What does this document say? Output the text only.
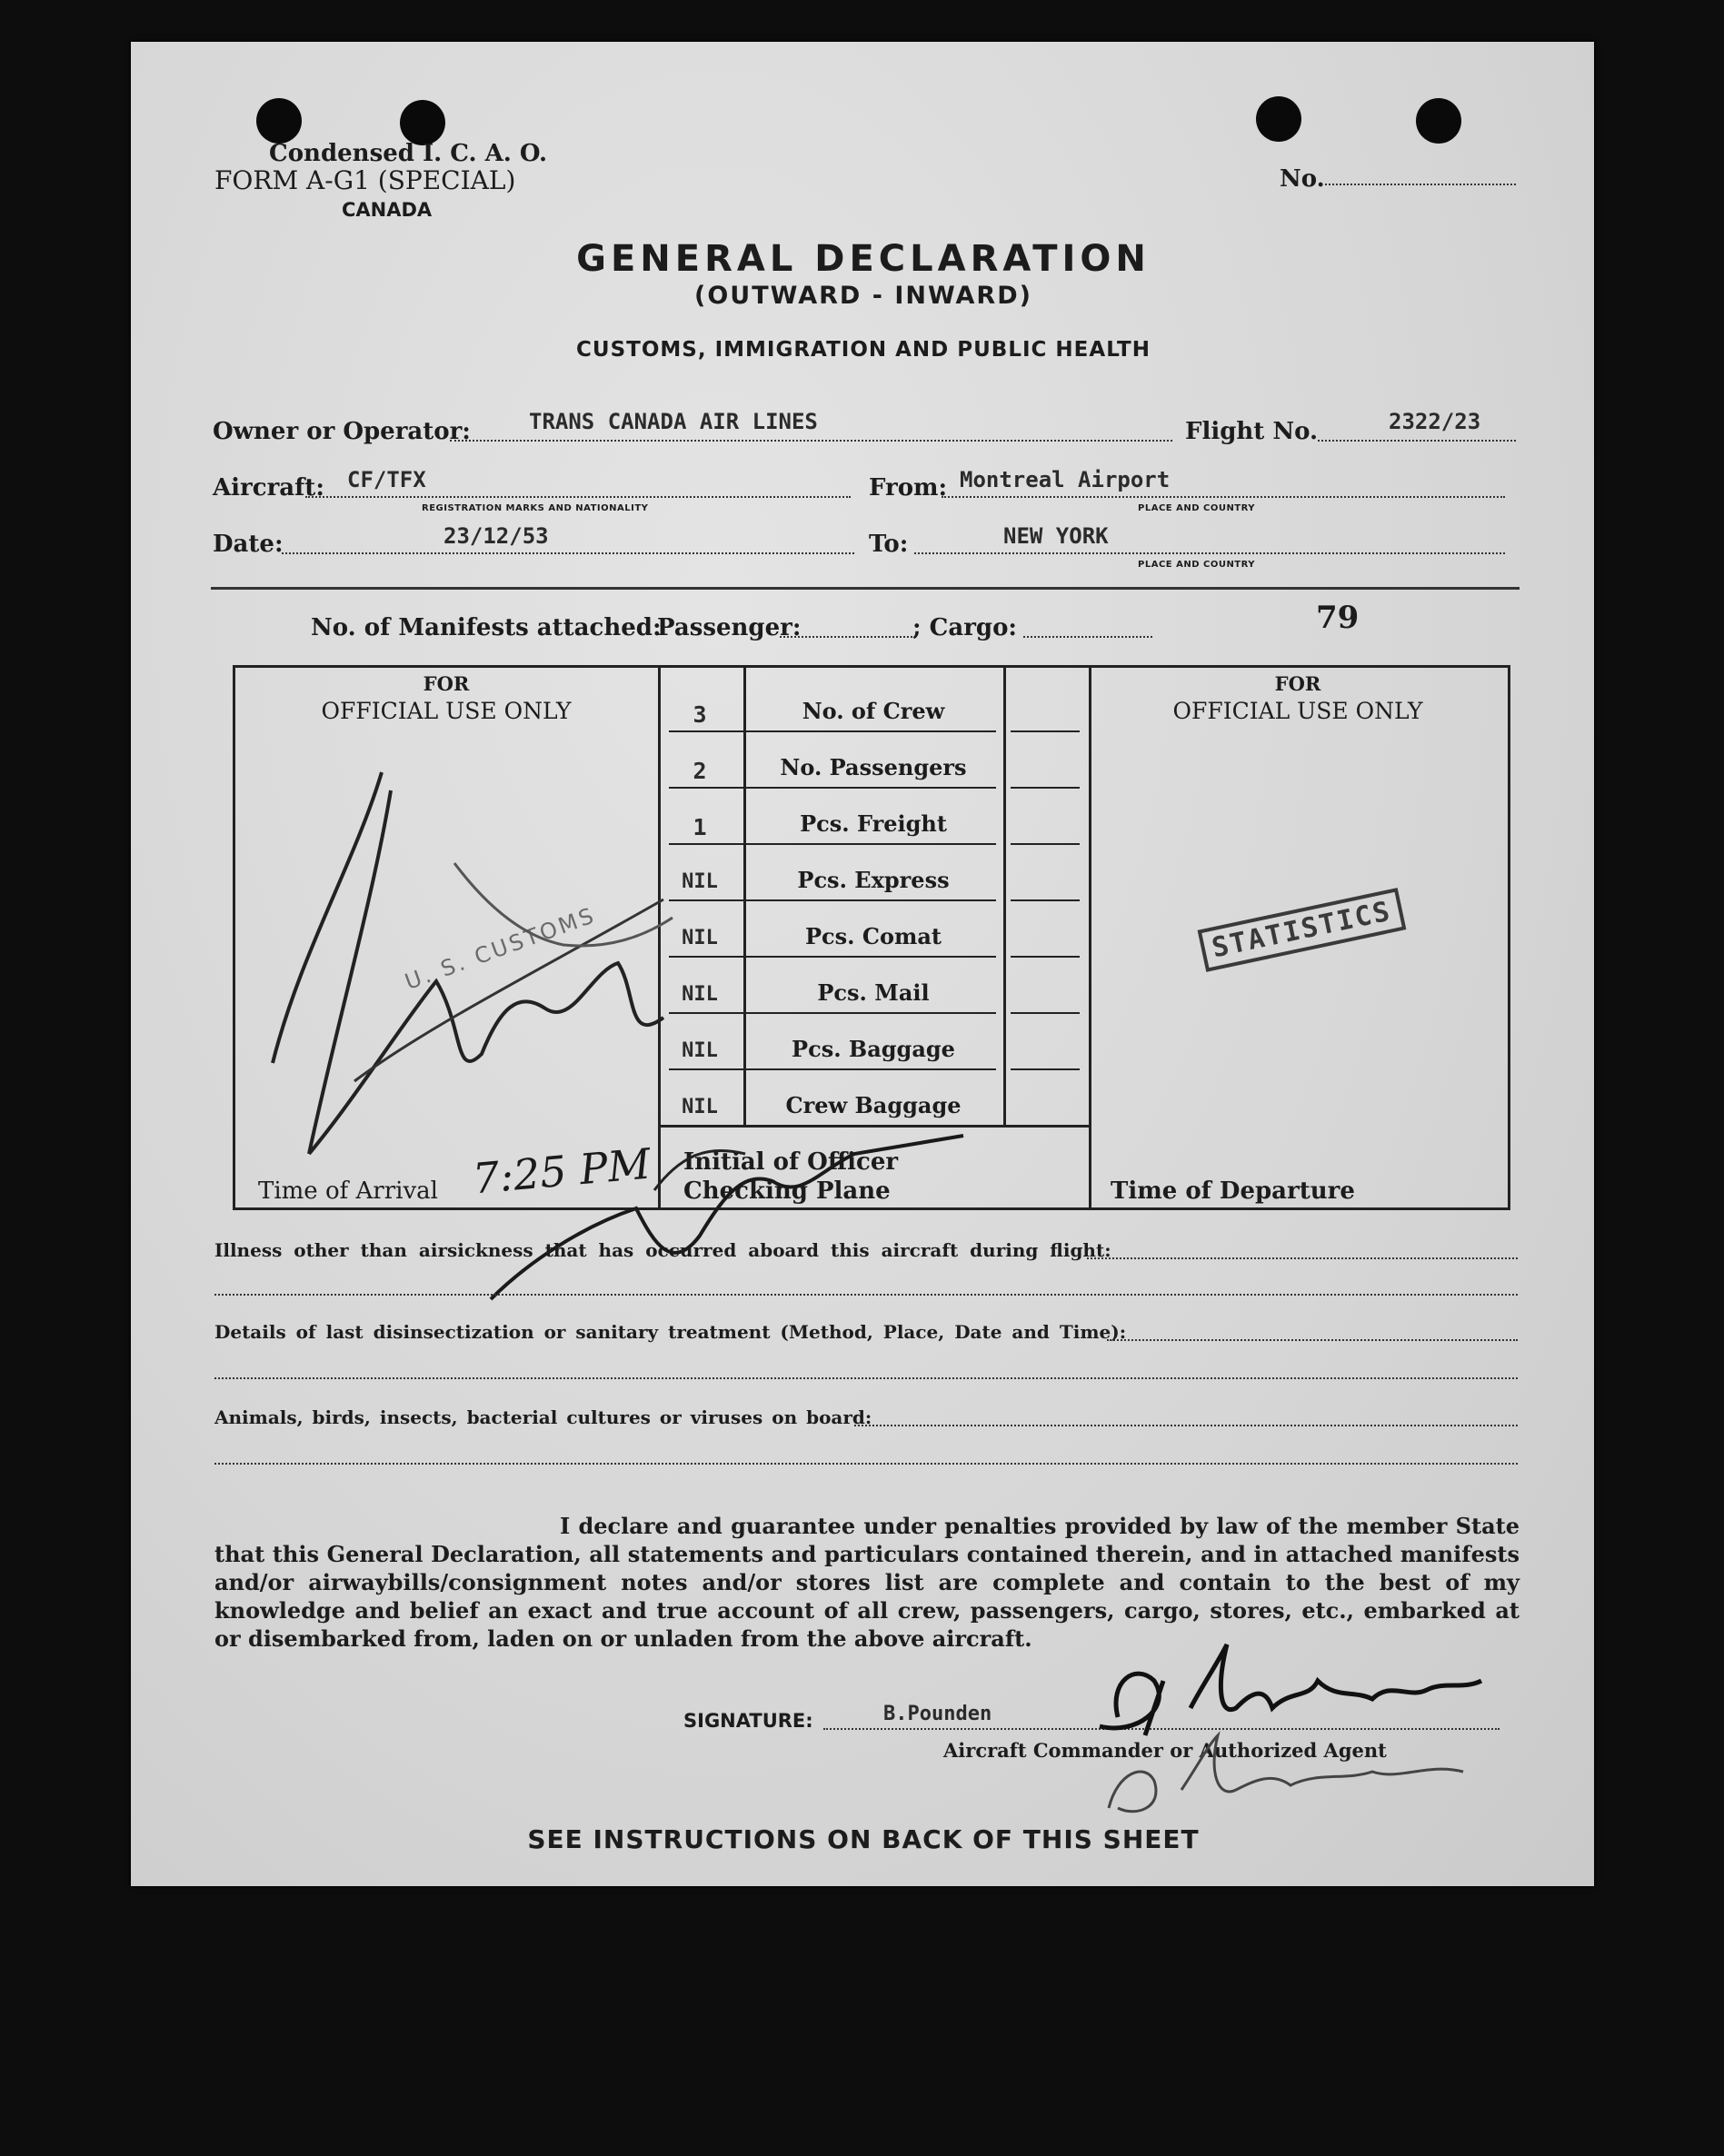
Condensed I. C. A. O.
FORM A-G1 (SPECIAL)
CANADA
No.
GENERAL DECLARATION
(OUTWARD - INWARD)
CUSTOMS, IMMIGRATION AND PUBLIC HEALTH
Owner or Operator:	TRANS CANADA AIR LINES	Flight No.	2322/23
Aircraft: CF/TFX
REGISTRATION MARKS AND NATIONALITY
From: Montreal Airport
PLACE AND COUNTRY
Date:	23/12/53	To:	NEW YORK
PLACE AND COUNTRY
No. of Manifests attached:
Passenger:	; Cargo:	79
FOR
OFFICIAL USE ONLY
FOR
OFFICIAL USE ONLY
3	No. of Crew
2	No. Passengers
1	Pcs. Freight
NIL	Pcs. Express
NIL	Pcs. Comat
NIL	Pcs. Mail
NIL	Pcs. Baggage
NIL	Crew Baggage
Time of Arrival 7:25 PM Initial of Officer
Checking Plane	Time of Departure
U. S. CUSTOMS	STATISTICS
Illness other than airsickness that has occurred aboard this aircraft during flight:
Details of last disinsectization or sanitary treatment (Method, Place, Date and Time):
Animals, birds, insects, bacterial cultures or viruses on board:
I declare and guarantee under penalties provided by law of the member State that this General Declaration, all statements and particulars contained therein, and in attached manifests and/or airwaybills/consignment notes and/or stores list are complete and contain to the best of my knowledge and belief an exact and true account of all crew, passengers, cargo, stores, etc., embarked at or disembarked from, laden on or unladen from the above aircraft.
SIGNATURE:	B.Pounden
Aircraft Commander or Authorized Agent
SEE INSTRUCTIONS ON BACK OF THIS SHEET
